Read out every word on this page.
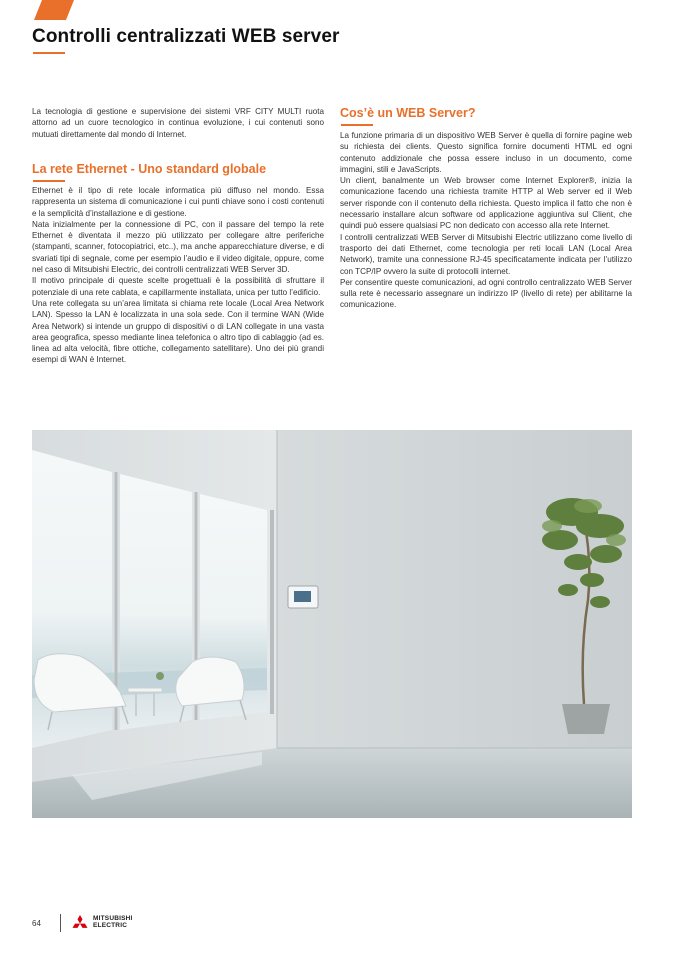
Controlli centralizzati WEB server

La tecnologia di gestione e supervisione dei sistemi VRF CITY MULTI ruota attorno ad un cuore tecnologico in continua evoluzione, i cui contenuti sono mutuati direttamente dal mondo di Internet.

La rete Ethernet - Uno standard globale

Ethernet è il tipo di rete locale informatica più diffuso nel mondo. Essa rappresenta un sistema di comunicazione i cui punti chiave sono i costi contenuti e la semplicità d’installazione e di gestione.

Nata inizialmente per la connessione di PC, con il passare del tempo la rete Ethernet è diventata il mezzo più utilizzato per collegare altre periferiche (stampanti, scanner, fotocopiatrici, etc..), ma anche apparecchiature diverse, e di svariati tipi di segnale, come per esempio l’audio e il video digitale, oppure, come nel caso di Mitsubishi Electric, dei controlli centralizzati WEB Server 3D.

Il motivo principale di queste scelte progettuali è la possibilità di sfruttare il potenziale di una rete cablata, e capillarmente installata, unica per tutto l’edificio.

Una rete collegata su un’area limitata si chiama rete locale (Local Area Network LAN). Spesso la LAN è localizzata in una sola sede. Con il termine WAN (Wide Area Network) si intende un gruppo di dispositivi o di LAN collegate in una vasta area geografica, spesso mediante linea telefonica o altro tipo di cablaggio (ad es. linea ad alta velocità, fibre ottiche, collegamento satellitare). Uno dei più grandi esempi di WAN è Internet.

Cos’è un WEB Server?

La funzione primaria di un dispositivo WEB Server è quella di fornire pagine web su richiesta dei clients. Questo significa fornire documenti HTML ed ogni contenuto addizionale che possa essere incluso in un documento, come immagini, stili e JavaScripts.

Un client, banalmente un Web browser come Internet Explorer®, inizia la comunicazione facendo una richiesta tramite HTTP al Web server ed il Web server risponde con il contenuto della richiesta. Questo implica il fatto che non è necessario installare alcun software od applicazione aggiuntiva sul Client, che quindi può essere qualsiasi PC non dedicato con accesso alla rete Internet.

I controlli centralizzati WEB Server di Mitsubishi Electric utilizzano come livello di trasporto dei dati Ethernet, come tecnologia per reti locali LAN (Local Area Network), tramite una connessione RJ-45 specificatamente indicata per l’utilizzo con TCP/IP ovvero la suite di protocolli internet.

Per consentire queste comunicazioni, ad ogni controllo centralizzato WEB Server sulla rete è necessario assegnare un indirizzo IP (livello di rete) per abilitarne la comunicazione.

64
MITSUBISHI
ELECTRIC
